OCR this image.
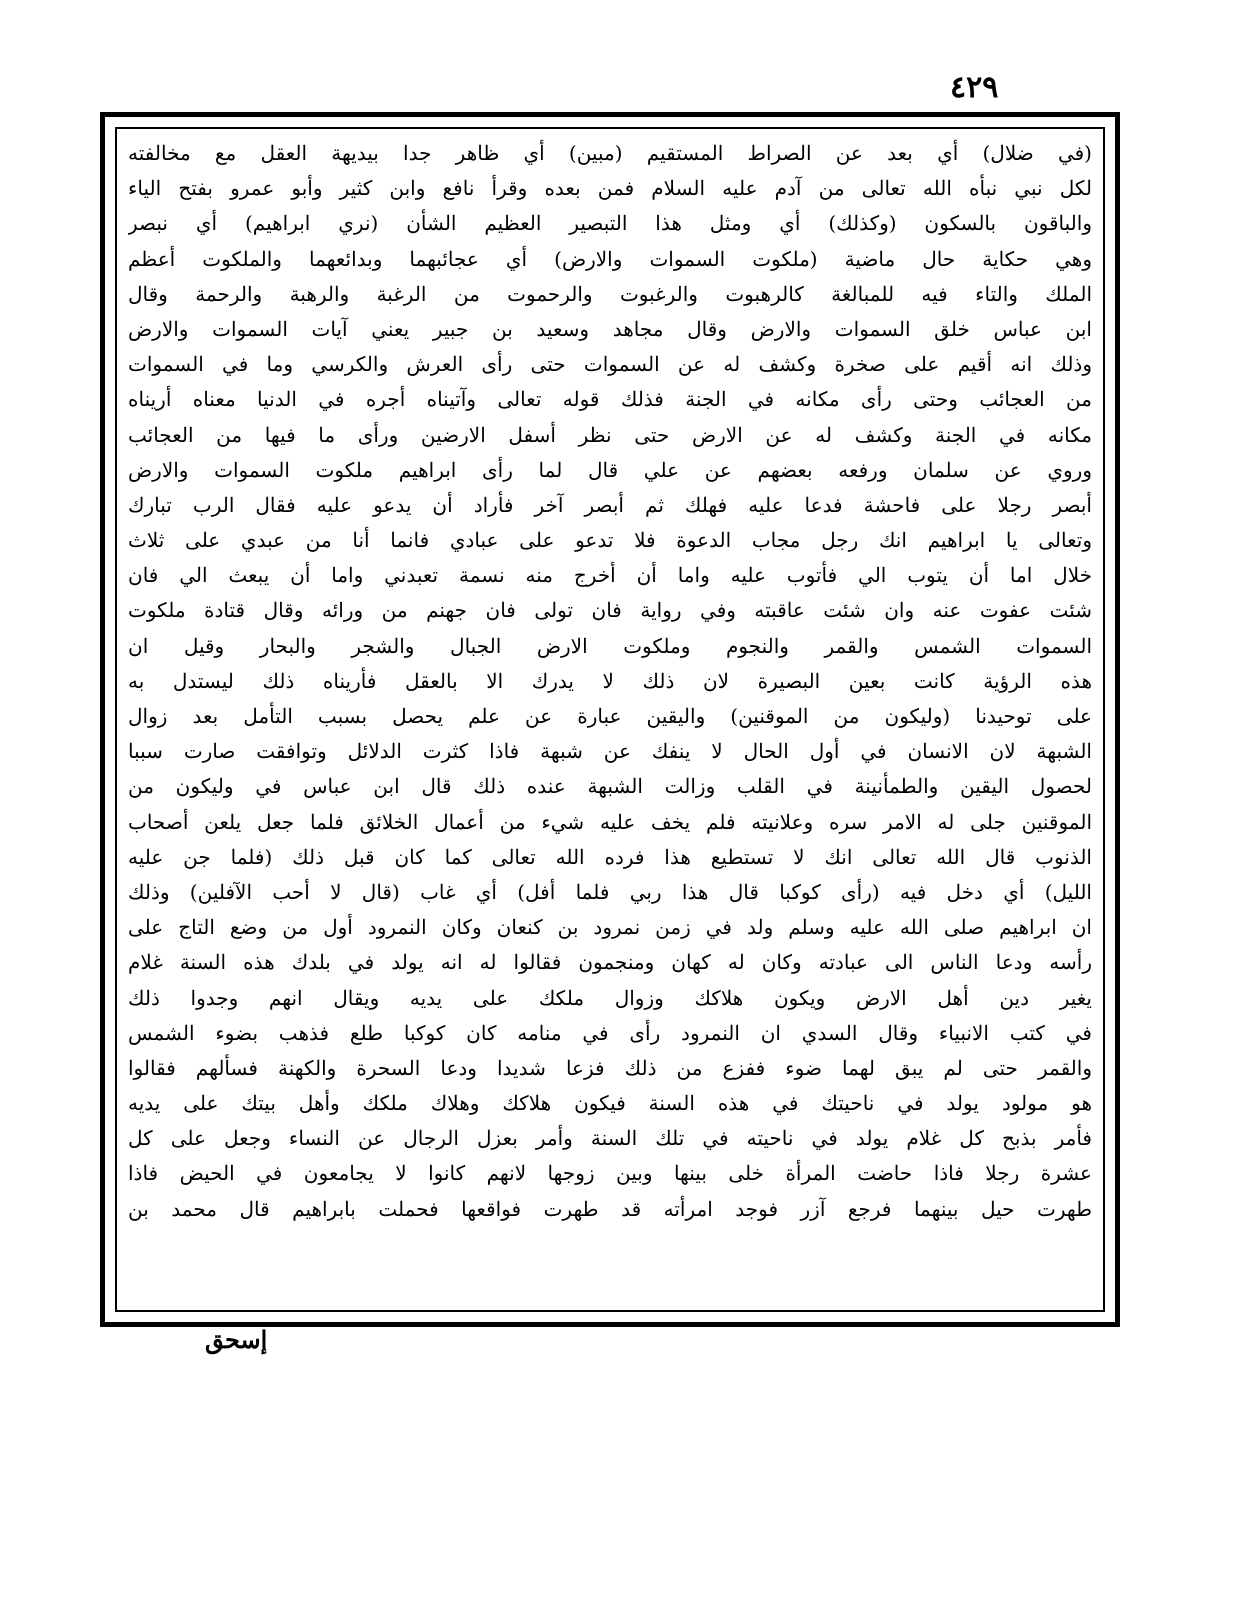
٤٢٩
(في ضلال) أي بعد عن الصراط المستقيم (مبين) أي ظاهر جدا بيديهة العقل مع مخالفته
لكل نبي نبأه الله تعالى من آدم عليه السلام فمن بعده وقرأ نافع وابن كثير وأبو عمرو بفتح الياء
والباقون بالسكون (وكذلك) أي ومثل هذا التبصير العظيم الشأن (نري ابراهيم) أي نبصر
وهي حكاية حال ماضية (ملكوت السموات والارض) أي عجائبهما وبدائعهما والملكوت أعظم
الملك والتاء فيه للمبالغة كالرهبوت والرغبوت والرحموت من الرغبة والرهبة والرحمة وقال
ابن عباس خلق السموات والارض وقال مجاهد وسعيد بن جبير يعني آيات السموات والارض
وذلك انه أقيم على صخرة وكشف له عن السموات حتى رأى العرش والكرسي وما في السموات
من العجائب وحتى رأى مكانه في الجنة فذلك قوله تعالى وآتيناه أجره في الدنيا معناه أريناه
مكانه في الجنة وكشف له عن الارض حتى نظر أسفل الارضين ورأى ما فيها من العجائب
وروي عن سلمان ورفعه بعضهم عن علي قال لما رأى ابراهيم ملكوت السموات والارض
أبصر رجلا على فاحشة فدعا عليه فهلك ثم أبصر آخر فأراد أن يدعو عليه فقال الرب تبارك
وتعالى يا ابراهيم انك رجل مجاب الدعوة فلا تدعو على عبادي فانما أنا من عبدي على ثلاث
خلال اما أن يتوب الي فأتوب عليه واما أن أخرج منه نسمة تعبدني واما أن يبعث الي فان
شئت عفوت عنه وان شئت عاقبته وفي رواية فان تولى فان جهنم من ورائه وقال قتادة ملكوت
السموات الشمس والقمر والنجوم وملكوت الارض الجبال والشجر والبحار وقيل ان
هذه الرؤية كانت بعين البصيرة لان ذلك لا يدرك الا بالعقل فأريناه ذلك ليستدل به
على توحيدنا (وليكون من الموقنين) واليقين عبارة عن علم يحصل بسبب التأمل بعد زوال
الشبهة لان الانسان في أول الحال لا ينفك عن شبهة فاذا كثرت الدلائل وتوافقت صارت سببا
لحصول اليقين والطمأنينة في القلب وزالت الشبهة عنده ذلك قال ابن عباس في وليكون من
الموقنين جلى له الامر سره وعلانيته فلم يخف عليه شيء من أعمال الخلائق فلما جعل يلعن أصحاب
الذنوب قال الله تعالى انك لا تستطيع هذا فرده الله تعالى كما كان قبل ذلك (فلما جن عليه
الليل) أي دخل فيه (رأى كوكبا قال هذا ربي فلما أفل) أي غاب (قال لا أحب الآفلين) وذلك
ان ابراهيم صلى الله عليه وسلم ولد في زمن نمرود بن كنعان وكان النمرود أول من وضع التاج على
رأسه ودعا الناس الى عبادته وكان له كهان ومنجمون فقالوا له انه يولد في بلدك هذه السنة غلام
يغير دين أهل الارض ويكون هلاكك وزوال ملكك على يديه ويقال انهم وجدوا ذلك
في كتب الانبياء وقال السدي ان النمرود رأى في منامه كان كوكبا طلع فذهب بضوء الشمس
والقمر حتى لم يبق لهما ضوء ففزع من ذلك فزعا شديدا ودعا السحرة والكهنة فسألهم فقالوا
هو مولود يولد في ناحيتك في هذه السنة فيكون هلاكك وهلاك ملكك وأهل بيتك على يديه
فأمر بذبح كل غلام يولد في ناحيته في تلك السنة وأمر بعزل الرجال عن النساء وجعل على كل
عشرة رجلا فاذا حاضت المرأة خلى بينها وبين زوجها لانهم كانوا لا يجامعون في الحيض فاذا
طهرت حيل بينهما فرجع آزر فوجد امرأته قد طهرت فواقعها فحملت بابراهيم قال محمد بن
إسحق
